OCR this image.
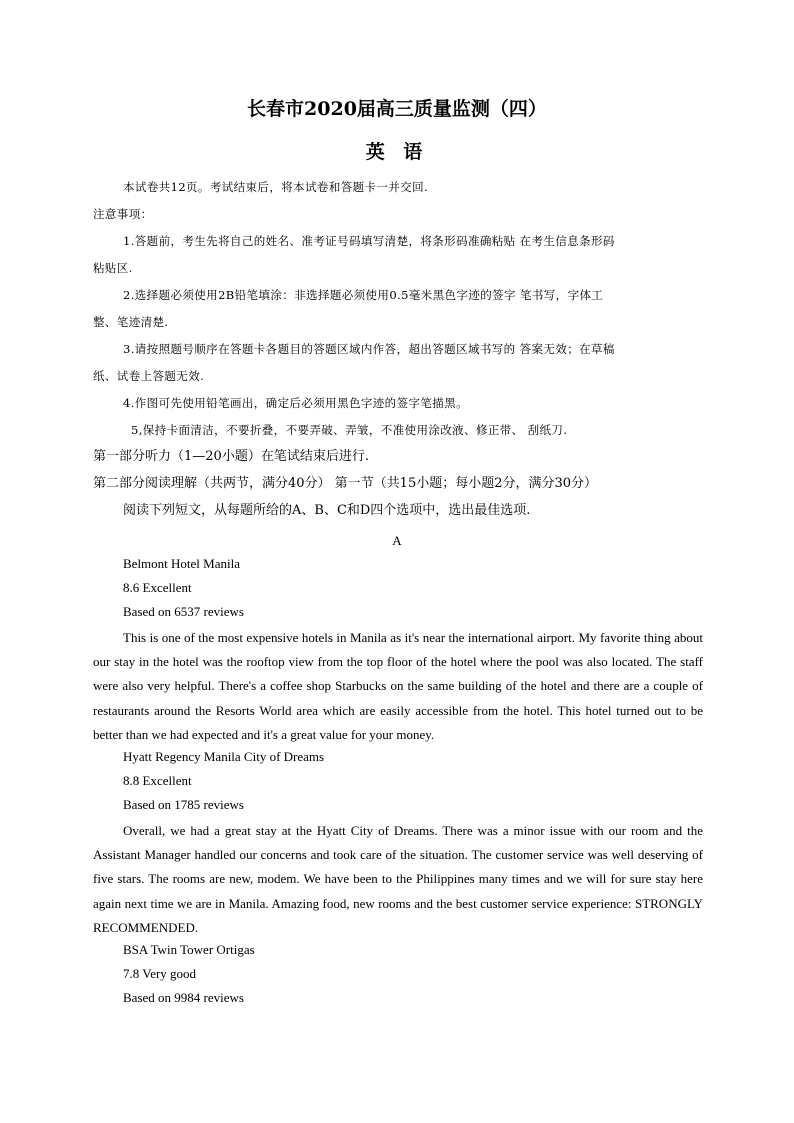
长春市2020届高三质量监测（四）
英 语
本试卷共12页。考试结束后，将本试卷和答题卡一并交回.
注意事项：
1.答题前，考生先将自己的姓名、准考证号码填写清楚，将条形码准确粘贴 在考生信息条形码
粘贴区.
2.选择题必须使用2B铅笔填涂：非选择题必须使用0.5毫米黑色字迹的签字 笔书写，字体工
整、笔迹清楚.
3.请按照题号顺序在答题卡各题目的答题区域内作答，超出答题区域书写的 答案无效；在草稿
纸、试卷上答题无效.
4.作图可先使用铅笔画出，确定后必须用黑色字迹的签字笔描黑。
5,保持卡面清洁，不要折叠，不要弄破、弄皱，不准使用涂改液、修正带、 刮纸刀.
第一部分听力（1—20小题）在笔试结束后进行.
第二部分阅读理解（共两节，满分40分） 第一节（共15小题；每小题2分，满分30分）
阅读下列短文，从每题所给的A、B、C和D四个选项中，选出最佳选项.
A
Belmont Hotel Manila
8.6 Excellent
Based on 6537 reviews

This is one of the most expensive hotels in Manila as it's near the international airport. My favorite thing about our stay in the hotel was the rooftop view from the top floor of the hotel where the pool was also located. The staff were also very helpful. There's a coffee shop Starbucks on the same building of the hotel and there are a couple of restaurants around the Resorts World area which are easily accessible from the hotel. This hotel turned out to be better than we had expected and it's a great value for your money.

Hyatt Regency Manila City of Dreams
8.8 Excellent
Based on 1785 reviews

Overall, we had a great stay at the Hyatt City of Dreams. There was a minor issue with our room and the Assistant Manager handled our concerns and took care of the situation. The customer service was well deserving of five stars. The rooms are new, modem. We have been to the Philippines many times and we will for sure stay here again next time we are in Manila. Amazing food, new rooms and the best customer service experience: STRONGLY RECOMMENDED.

BSA Twin Tower Ortigas
7.8 Very good
Based on 9984 reviews
